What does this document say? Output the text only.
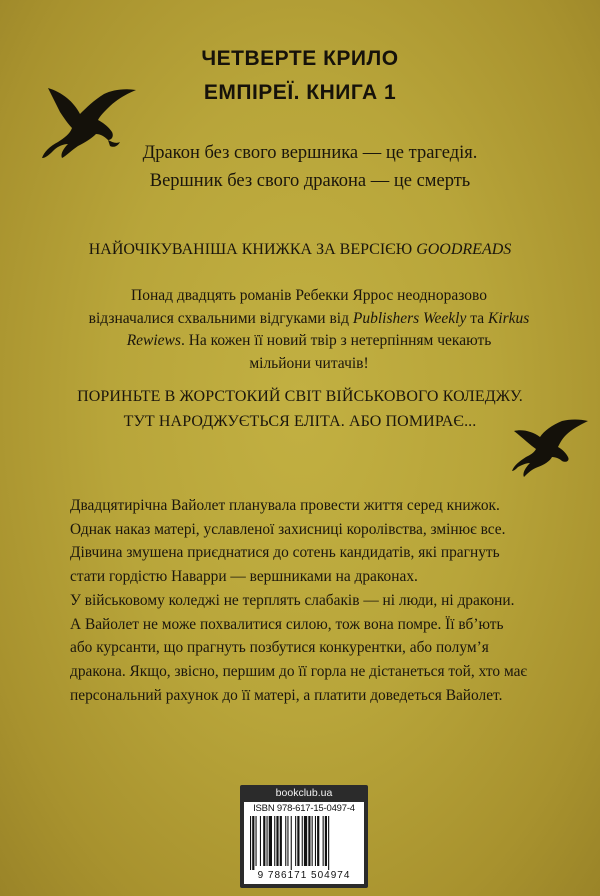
ЧЕТВЕРТЕ КРИЛО
ЕМПІРЕЇ. КНИГА 1
Дракон без свого вершника — це трагедія.
Вершник без свого дракона — це смерть
НАЙОЧІКУВАНІША КНИЖКА ЗА ВЕРСІЄЮ GOODREADS
Понад двадцять романів Ребекки Яррос неодноразово
відзначалися схвальними відгуками від Publishers Weekly та Kirkus
Rewiews. На кожен її новий твір з нетерпінням чекають
мільйони читачів!
ПОРИНЬТЕ В ЖОРСТОКИЙ СВІТ ВІЙСЬКОВОГО КОЛЕДЖУ.
ТУТ НАРОДЖУЄТЬСЯ ЕЛІТА. АБО ПОМИРАЄ...
Двадцятирічна Вайолет планувала провести життя серед книжок.
Однак наказ матері, уславленої захисниці королівства, змінює все.
Дівчина змушена приєднатися до сотень кандидатів, які прагнуть
стати гордістю Наварри — вершниками на драконах.
У військовому коледжі не терплять слабаків — ні люди, ні дракони.
А Вайолет не може похвалитися силою, тож вона помре. Її вб’ють
або курсанти, що прагнуть позбутися конкурентки, або полум’я
дракона. Якщо, звісно, першим до її горла не дістанеться той, хто має
персональний рахунок до її матері, а платити доведеться Вайолет.
bookclub.ua
ISBN 978-617-15-0497-4
9 786171 504974
